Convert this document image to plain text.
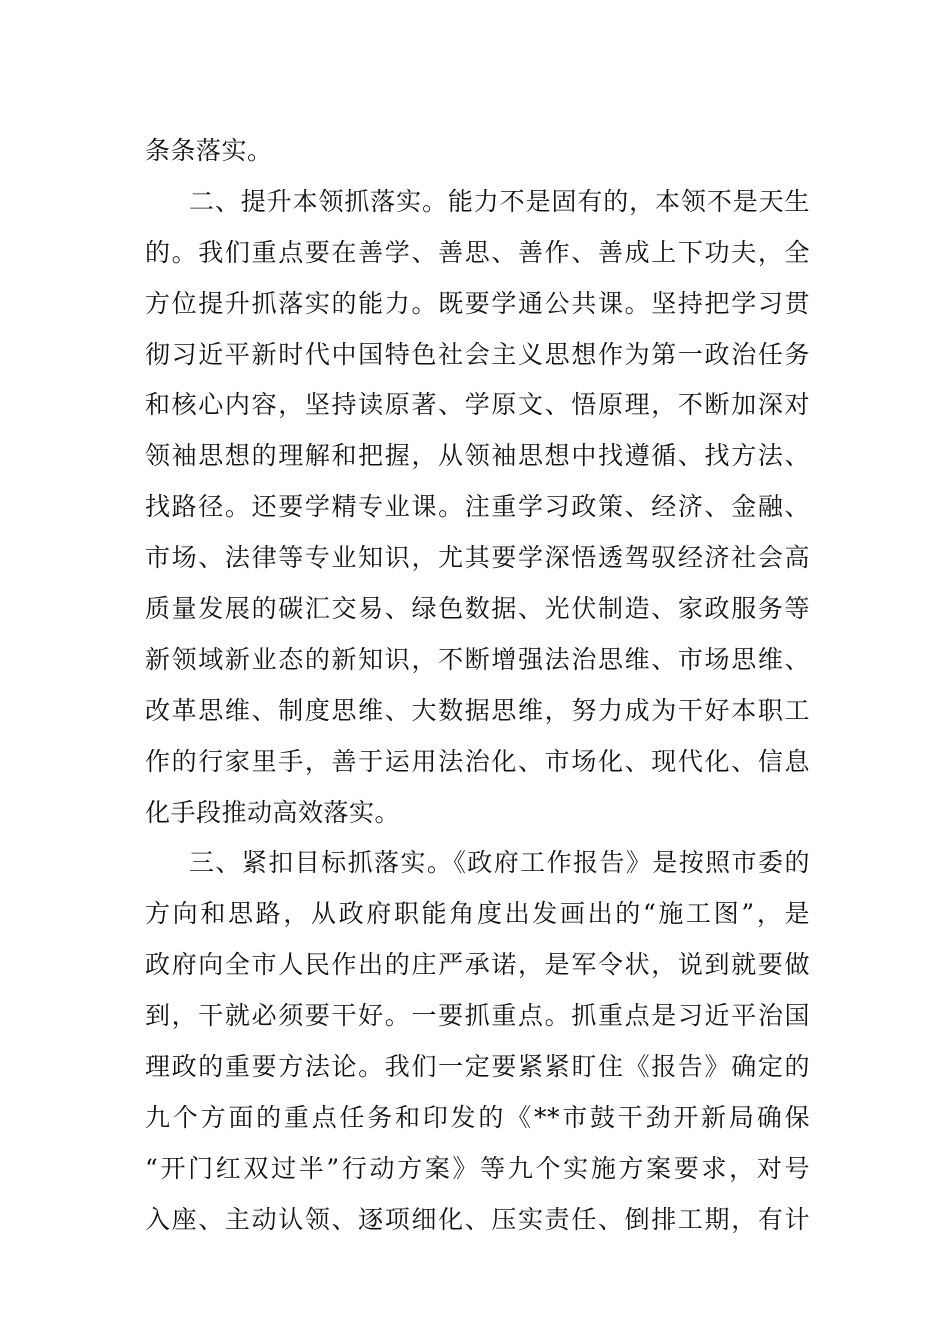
条条落实。
二、提升本领抓落实。能力不是固有的，本领不是天生
的。我们重点要在善学、善思、善作、善成上下功夫，全
方位提升抓落实的能力。既要学通公共课。坚持把学习贯
彻习近平新时代中国特色社会主义思想作为第一政治任务
和核心内容，坚持读原著、学原文、悟原理，不断加深对
领袖思想的理解和把握，从领袖思想中找遵循、找方法、
找路径。还要学精专业课。注重学习政策、经济、金融、
市场、法律等专业知识，尤其要学深悟透驾驭经济社会高
质量发展的碳汇交易、绿色数据、光伏制造、家政服务等
新领域新业态的新知识，不断增强法治思维、市场思维、
改革思维、制度思维、大数据思维，努力成为干好本职工
作的行家里手，善于运用法治化、市场化、现代化、信息
化手段推动高效落实。
三、紧扣目标抓落实。《政府工作报告》是按照市委的
方向和思路，从政府职能角度出发画出的“施工图”，是
政府向全市人民作出的庄严承诺，是军令状，说到就要做
到，干就必须要干好。一要抓重点。抓重点是习近平治国
理政的重要方法论。我们一定要紧紧盯住《报告》确定的
九个方面的重点任务和印发的《**市鼓干劲开新局确保
“开门红双过半”行动方案》等九个实施方案要求，对号
入座、主动认领、逐项细化、压实责任、倒排工期，有计
